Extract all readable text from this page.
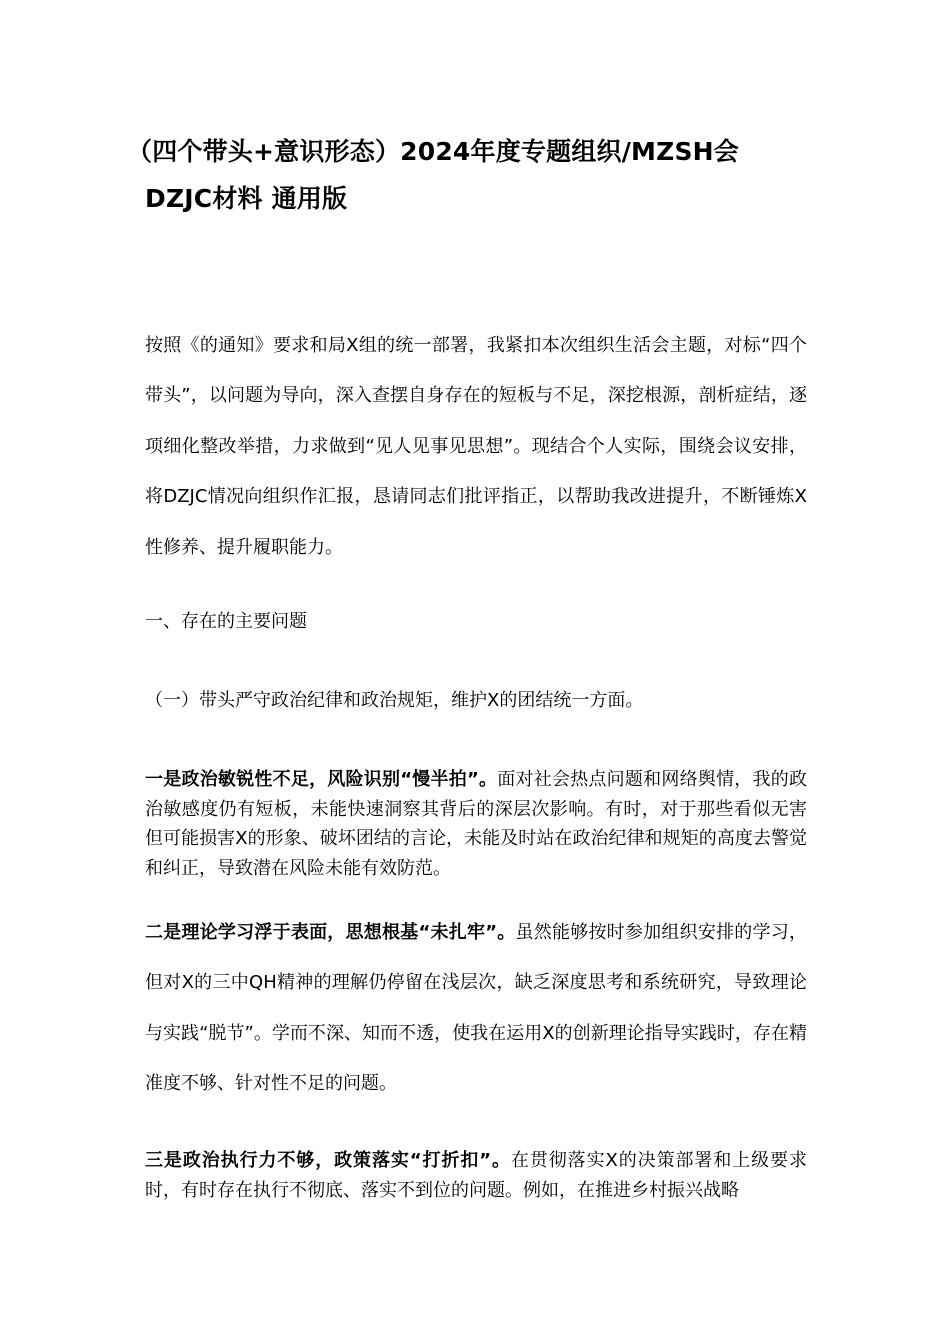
（四个带头+意识形态）2024年度专题组织/MZSH会
DZJC材料 通用版

按照《的通知》要求和局X组的统一部署，我紧扣本次组织生活会主题，对标“四个带头”，以问题为导向，深入查摆自身存在的短板与不足，深挖根源，剖析症结，逐项细化整改举措，力求做到“见人见事见思想”。现结合个人实际，围绕会议安排，将DZJC情况向组织作汇报，恳请同志们批评指正，以帮助我改进提升，不断锤炼X性修养、提升履职能力。

一、存在的主要问题

（一）带头严守政治纪律和政治规矩，维护X的团结统一方面。

一是政治敏锐性不足，风险识别“慢半拍”。面对社会热点问题和网络舆情，我的政治敏感度仍有短板，未能快速洞察其背后的深层次影响。有时，对于那些看似无害但可能损害X的形象、破坏团结的言论，未能及时站在政治纪律和规矩的高度去警觉和纠正，导致潜在风险未能有效防范。

二是理论学习浮于表面，思想根基“未扎牢”。虽然能够按时参加组织安排的学习，但对X的三中QH精神的理解仍停留在浅层次，缺乏深度思考和系统研究，导致理论与实践“脱节”。学而不深、知而不透，使我在运用X的创新理论指导实践时，存在精准度不够、针对性不足的问题。

三是政治执行力不够，政策落实“打折扣”。在贯彻落实X的决策部署和上级要求时，有时存在执行不彻底、落实不到位的问题。例如，在推进乡村振兴战略
